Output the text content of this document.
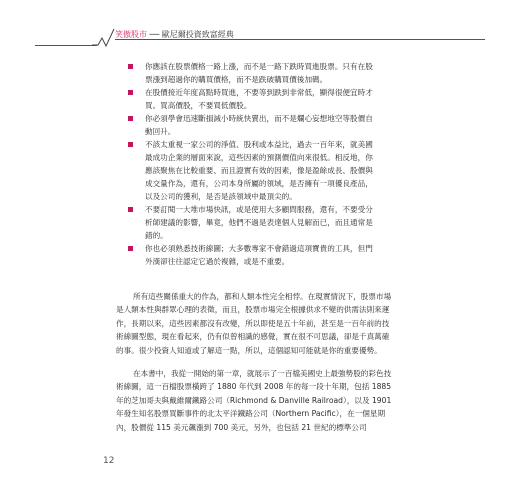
笑傲股市 ── 歐尼爾投資致富經典
你應該在股票價格一路上漲，而不是一路下跌時買進股票。只有在股票漲到超過你的購買價格，而不是跌破購買價後加碼。
在股價接近年度高點時買進，不要等到跌到非常低，顯得很便宜時才買。買高價股，不要買低價股。
你必須學會迅速斷損減小時統快賣出，而不是爛心妄想地空等股價自動回升。
不該太重視一家公司的淨值、股利或本益比，過去一百年來，就美國最成功企業的層面來說，這些因素的預測價值向來很低。相反地，你應該聚焦在比較重要、而且證實有效的因素，像是盈餘成長、股價與成交量作為，還有，公司本身所屬的領域，是否擁有一項優良產品，以及公司的獲利，是否是該領域中最頂尖的。
不要訂閱一大堆市場快訊，或是使用大多顧問服務，還有，不要受分析師建議的影響，畢竟，他們不過是表達個人見解而已，而且通常是錯的。
你也必須熟悉技術線圖；大多數專家不會錯過這項寶貴的工具，但門外漢卻往往認定它過於複雜，或是不重要。

所有這些關係重大的作為，都和人類本性完全相悖。在現實情況下，股票市場是人類本性與群眾心理的表徵，而且，股票市場完全根據供求不變的供需法則來運作，長期以來，這些因素都沒有改變，所以即使是五十年前，甚至是一百年前的技術線圖型態，現在看起來，仍有似曾相識的感覺，實在很不可思議，卻是千真萬確的事。很少投資人知道或了解這一點，所以，這個認知可能就是你的重要優勢。

在本書中，我從一開始的第一章，就展示了一百檔美國史上最強勢股的彩色技術線圖，這一百檔股票橫跨了 1880 年代到 2008 年的每一段十年期，包括 1885 年的芝加哥夫與戴維爾鐵路公司（Richmond & Danville Railroad），以及 1901 年發生知名股票買斷事件的北太平洋鐵路公司（Northern Pacific），在一個星期內，股價從 115 美元飆漲到 700 美元，另外，也包括 21 世紀的標準公司

12
